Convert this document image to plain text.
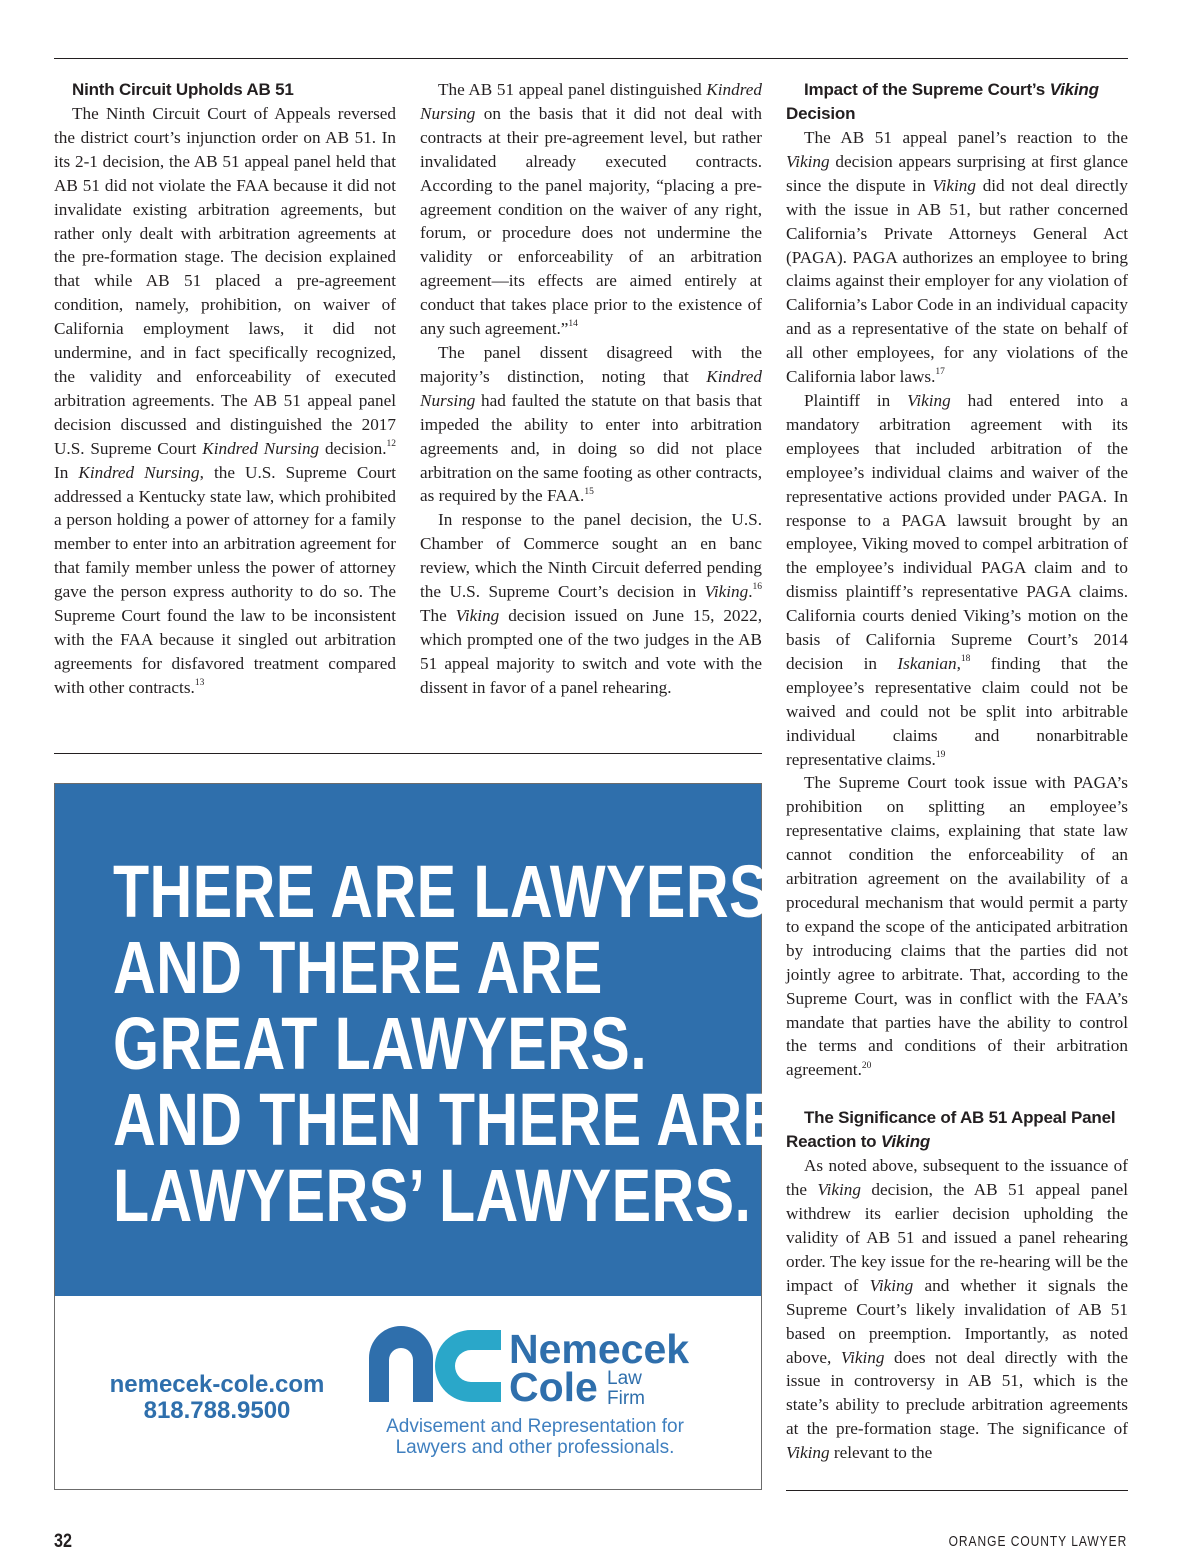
Ninth Circuit Upholds AB 51

The Ninth Circuit Court of Appeals reversed the district court’s injunction order on AB 51. In its 2-1 decision, the AB 51 appeal panel held that AB 51 did not violate the FAA because it did not invalidate existing arbitration agreements, but rather only dealt with arbitration agreements at the pre-formation stage. The decision explained that while AB 51 placed a pre-agreement condition, namely, prohibition, on waiver of California employment laws, it did not undermine, and in fact specifically recognized, the validity and enforceability of executed arbitration agreements. The AB 51 appeal panel decision discussed and distinguished the 2017 U.S. Supreme Court Kindred Nursing decision.$^{12}$ In Kindred Nursing, the U.S. Supreme Court addressed a Kentucky state law, which prohibited a person holding a power of attorney for a family member to enter into an arbitration agreement for that family member unless the power of attorney gave the person express authority to do so. The Supreme Court found the law to be inconsistent with the FAA because it singled out arbitration agreements for disfavored treatment compared with other contracts.$^{13}$

The AB 51 appeal panel distinguished Kindred Nursing on the basis that it did not deal with contracts at their pre-agreement level, but rather invalidated already executed contracts. According to the panel majority, “placing a pre-agreement condition on the waiver of any right, forum, or procedure does not undermine the validity or enforceability of an arbitration agreement—its effects are aimed entirely at conduct that takes place prior to the existence of any such agreement.”$^{14}$

The panel dissent disagreed with the majority’s distinction, noting that Kindred Nursing had faulted the statute on that basis that impeded the ability to enter into arbitration agreements and, in doing so did not place arbitration on the same footing as other contracts, as required by the FAA.$^{15}$

In response to the panel decision, the U.S. Chamber of Commerce sought an en banc review, which the Ninth Circuit deferred pending the U.S. Supreme Court’s decision in Viking.$^{16}$ The Viking decision issued on June 15, 2022, which prompted one of the two judges in the AB 51 appeal majority to switch and vote with the dissent in favor of a panel rehearing.

Impact of the Supreme Court’s Viking
Decision

The AB 51 appeal panel’s reaction to the Viking decision appears surprising at first glance since the dispute in Viking did not deal directly with the issue in AB 51, but rather concerned California’s Private Attorneys General Act (PAGA). PAGA authorizes an employee to bring claims against their employer for any violation of California’s Labor Code in an individual capacity and as a representative of the state on behalf of all other employees, for any violations of the California labor laws.$^{17}$

Plaintiff in Viking had entered into a mandatory arbitration agreement with its employees that included arbitration of the employee’s individual claims and waiver of the representative actions provided under PAGA. In response to a PAGA lawsuit brought by an employee, Viking moved to compel arbitration of the employee’s individual PAGA claim and to dismiss plaintiff’s representative PAGA claims. California courts denied Viking’s motion on the basis of California Supreme Court’s 2014 decision in Iskanian,$^{18}$ finding that the employee’s representative claim could not be waived and could not be split into arbitrable individual claims and nonarbitrable representative claims.$^{19}$

The Supreme Court took issue with PAGA’s prohibition on splitting an employee’s representative claims, explaining that state law cannot condition the enforceability of an arbitration agreement on the availability of a procedural mechanism that would permit a party to expand the scope of the anticipated arbitration by introducing claims that the parties did not jointly agree to arbitrate. That, according to the Supreme Court, was in conflict with the FAA’s mandate that parties have the ability to control the terms and conditions of their arbitration agreement.$^{20}$

The Significance of AB 51 Appeal Panel Reaction to Viking

As noted above, subsequent to the issuance of the Viking decision, the AB 51 appeal panel withdrew its earlier decision upholding the validity of AB 51 and issued a panel rehearing order. The key issue for the re-hearing will be the impact of Viking and whether it signals the Supreme Court’s likely invalidation of AB 51 based on preemption. Importantly, as noted above, Viking does not deal directly with the issue in controversy in AB 51, which is the state’s ability to preclude arbitration agreements at the pre-formation stage. The significance of Viking relevant to the

THERE ARE LAWYERS
AND THERE ARE
GREAT LAWYERS.
AND THEN THERE ARE
LAWYERS’ LAWYERS.
nemecek-cole.com
818.788.9500
Nemecek
Cole Law
Firm
Advisement and Representation for
Lawyers and other professionals.
32	ORANGE COUNTY LAWYER
